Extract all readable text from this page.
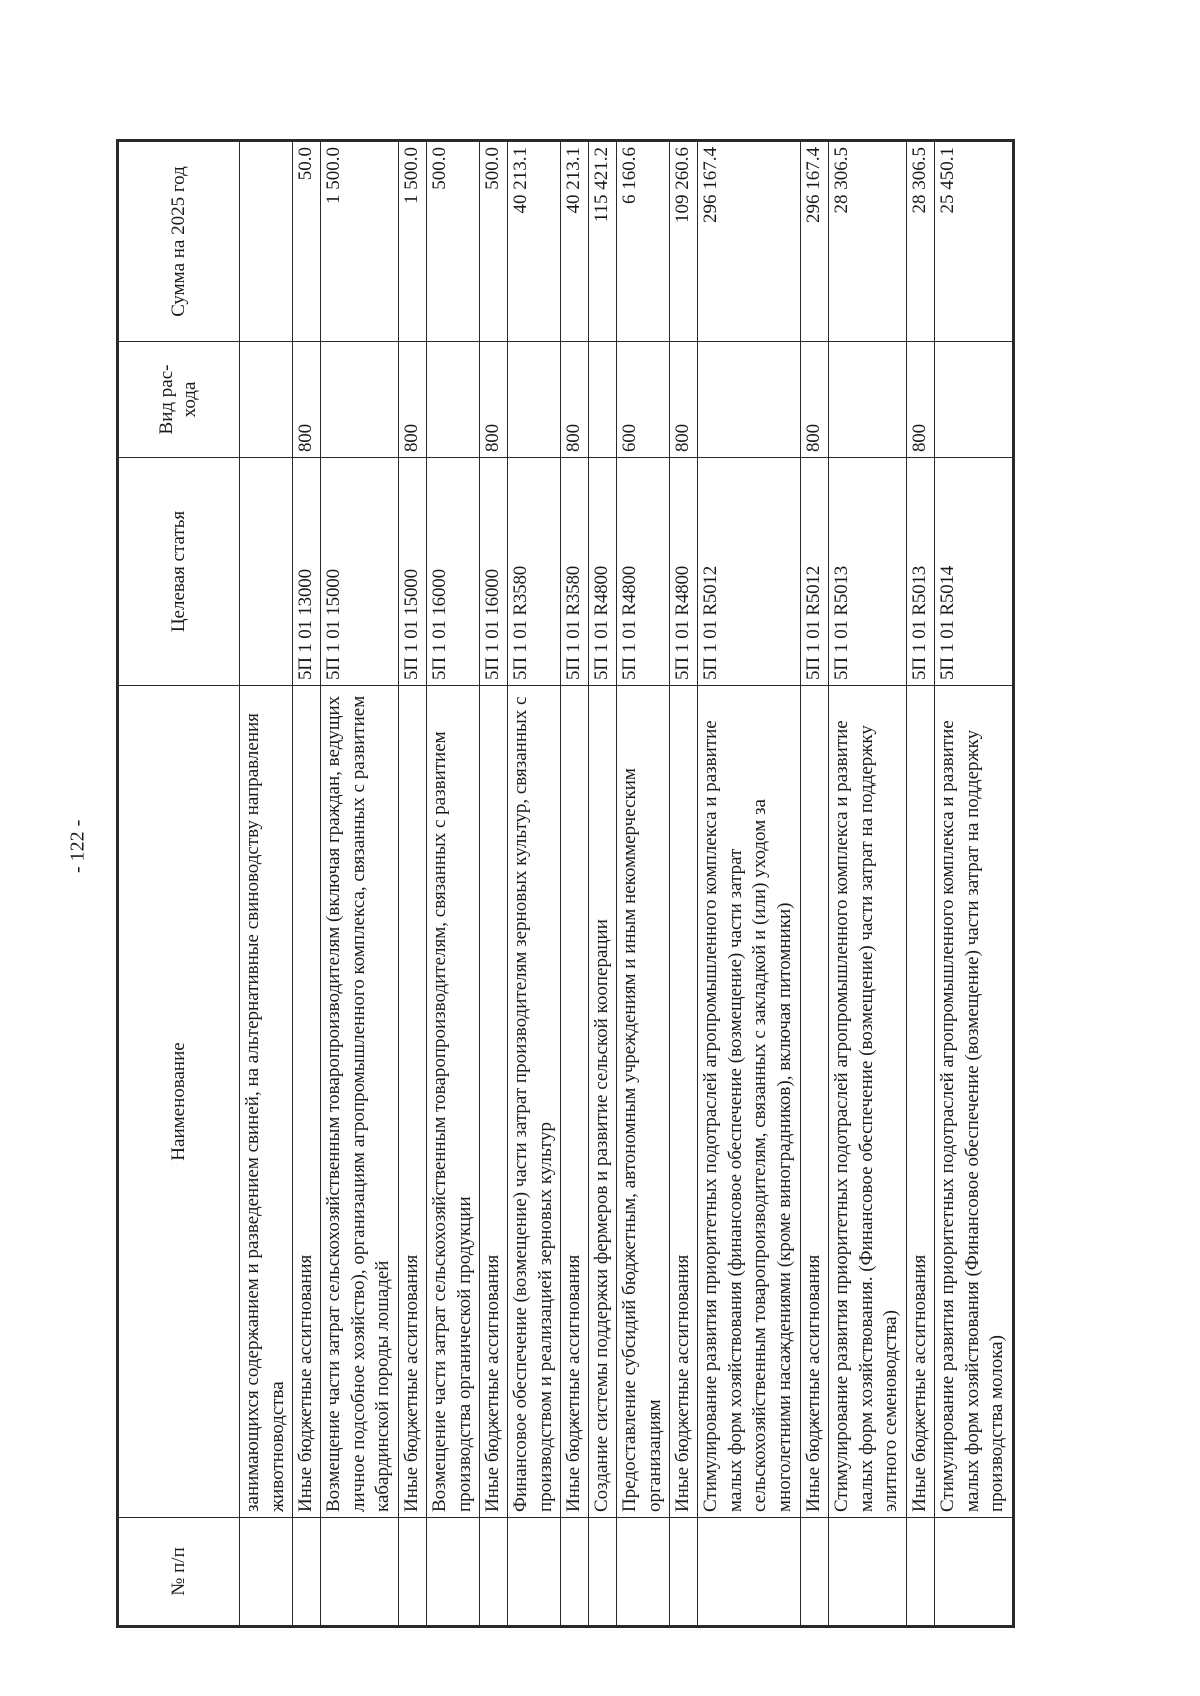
- 122 -
№ п/п	Наименование	Целевая статья	Вид рас-хода	Сумма на 2025 год
	занимающихся содержанием и разведением свиней, на альтернативные свиноводству направления животноводства			
	Иные бюджетные ассигнования	5П 1 01 13000	800	50.0
	Возмещение части затрат сельскохозяйственным товаропроизводителям (включая граждан, ведущих личное подсобное хозяйство), организациям агропромышленного комплекса, связанных с развитием кабардинской породы лошадей	5П 1 01 15000		1 500.0
	Иные бюджетные ассигнования	5П 1 01 15000	800	1 500.0
	Возмещение части затрат сельскохозяйственным товаропроизводителям, связанных с развитием производства органической продукции	5П 1 01 16000		500.0
	Иные бюджетные ассигнования	5П 1 01 16000	800	500.0
	Финансовое обеспечение (возмещение) части затрат производителям зерновых культур, связанных с производством и реализацией зерновых культур	5П 1 01 R3580		40 213.1
	Иные бюджетные ассигнования	5П 1 01 R3580	800	40 213.1
	Создание системы поддержки фермеров и развитие сельской кооперации	5П 1 01 R4800		115 421.2
	Предоставление субсидий бюджетным, автономным учреждениям и иным некоммерческим организациям	5П 1 01 R4800	600	6 160.6
	Иные бюджетные ассигнования	5П 1 01 R4800	800	109 260.6
	Стимулирование развития приоритетных подотраслей агропромышленного комплекса и развитие малых форм хозяйствования (финансовое обеспечение (возмещение) части затрат сельскохозяйственным товаропроизводителям, связанных с закладкой и (или) уходом за многолетними насаждениями (кроме виноградников), включая питомники)	5П 1 01 R5012		296 167.4
	Иные бюджетные ассигнования	5П 1 01 R5012	800	296 167.4
	Стимулирование развития приоритетных подотраслей агропромышленного комплекса и развитие малых форм хозяйствования. (Финансовое обеспечение (возмещение) части затрат на поддержку элитного семеноводства)	5П 1 01 R5013		28 306.5
	Иные бюджетные ассигнования	5П 1 01 R5013	800	28 306.5
	Стимулирование развития приоритетных подотраслей агропромышленного комплекса и развитие малых форм хозяйствования (Финансовое обеспечение (возмещение) части затрат на поддержку производства молока)	5П 1 01 R5014		25 450.1
